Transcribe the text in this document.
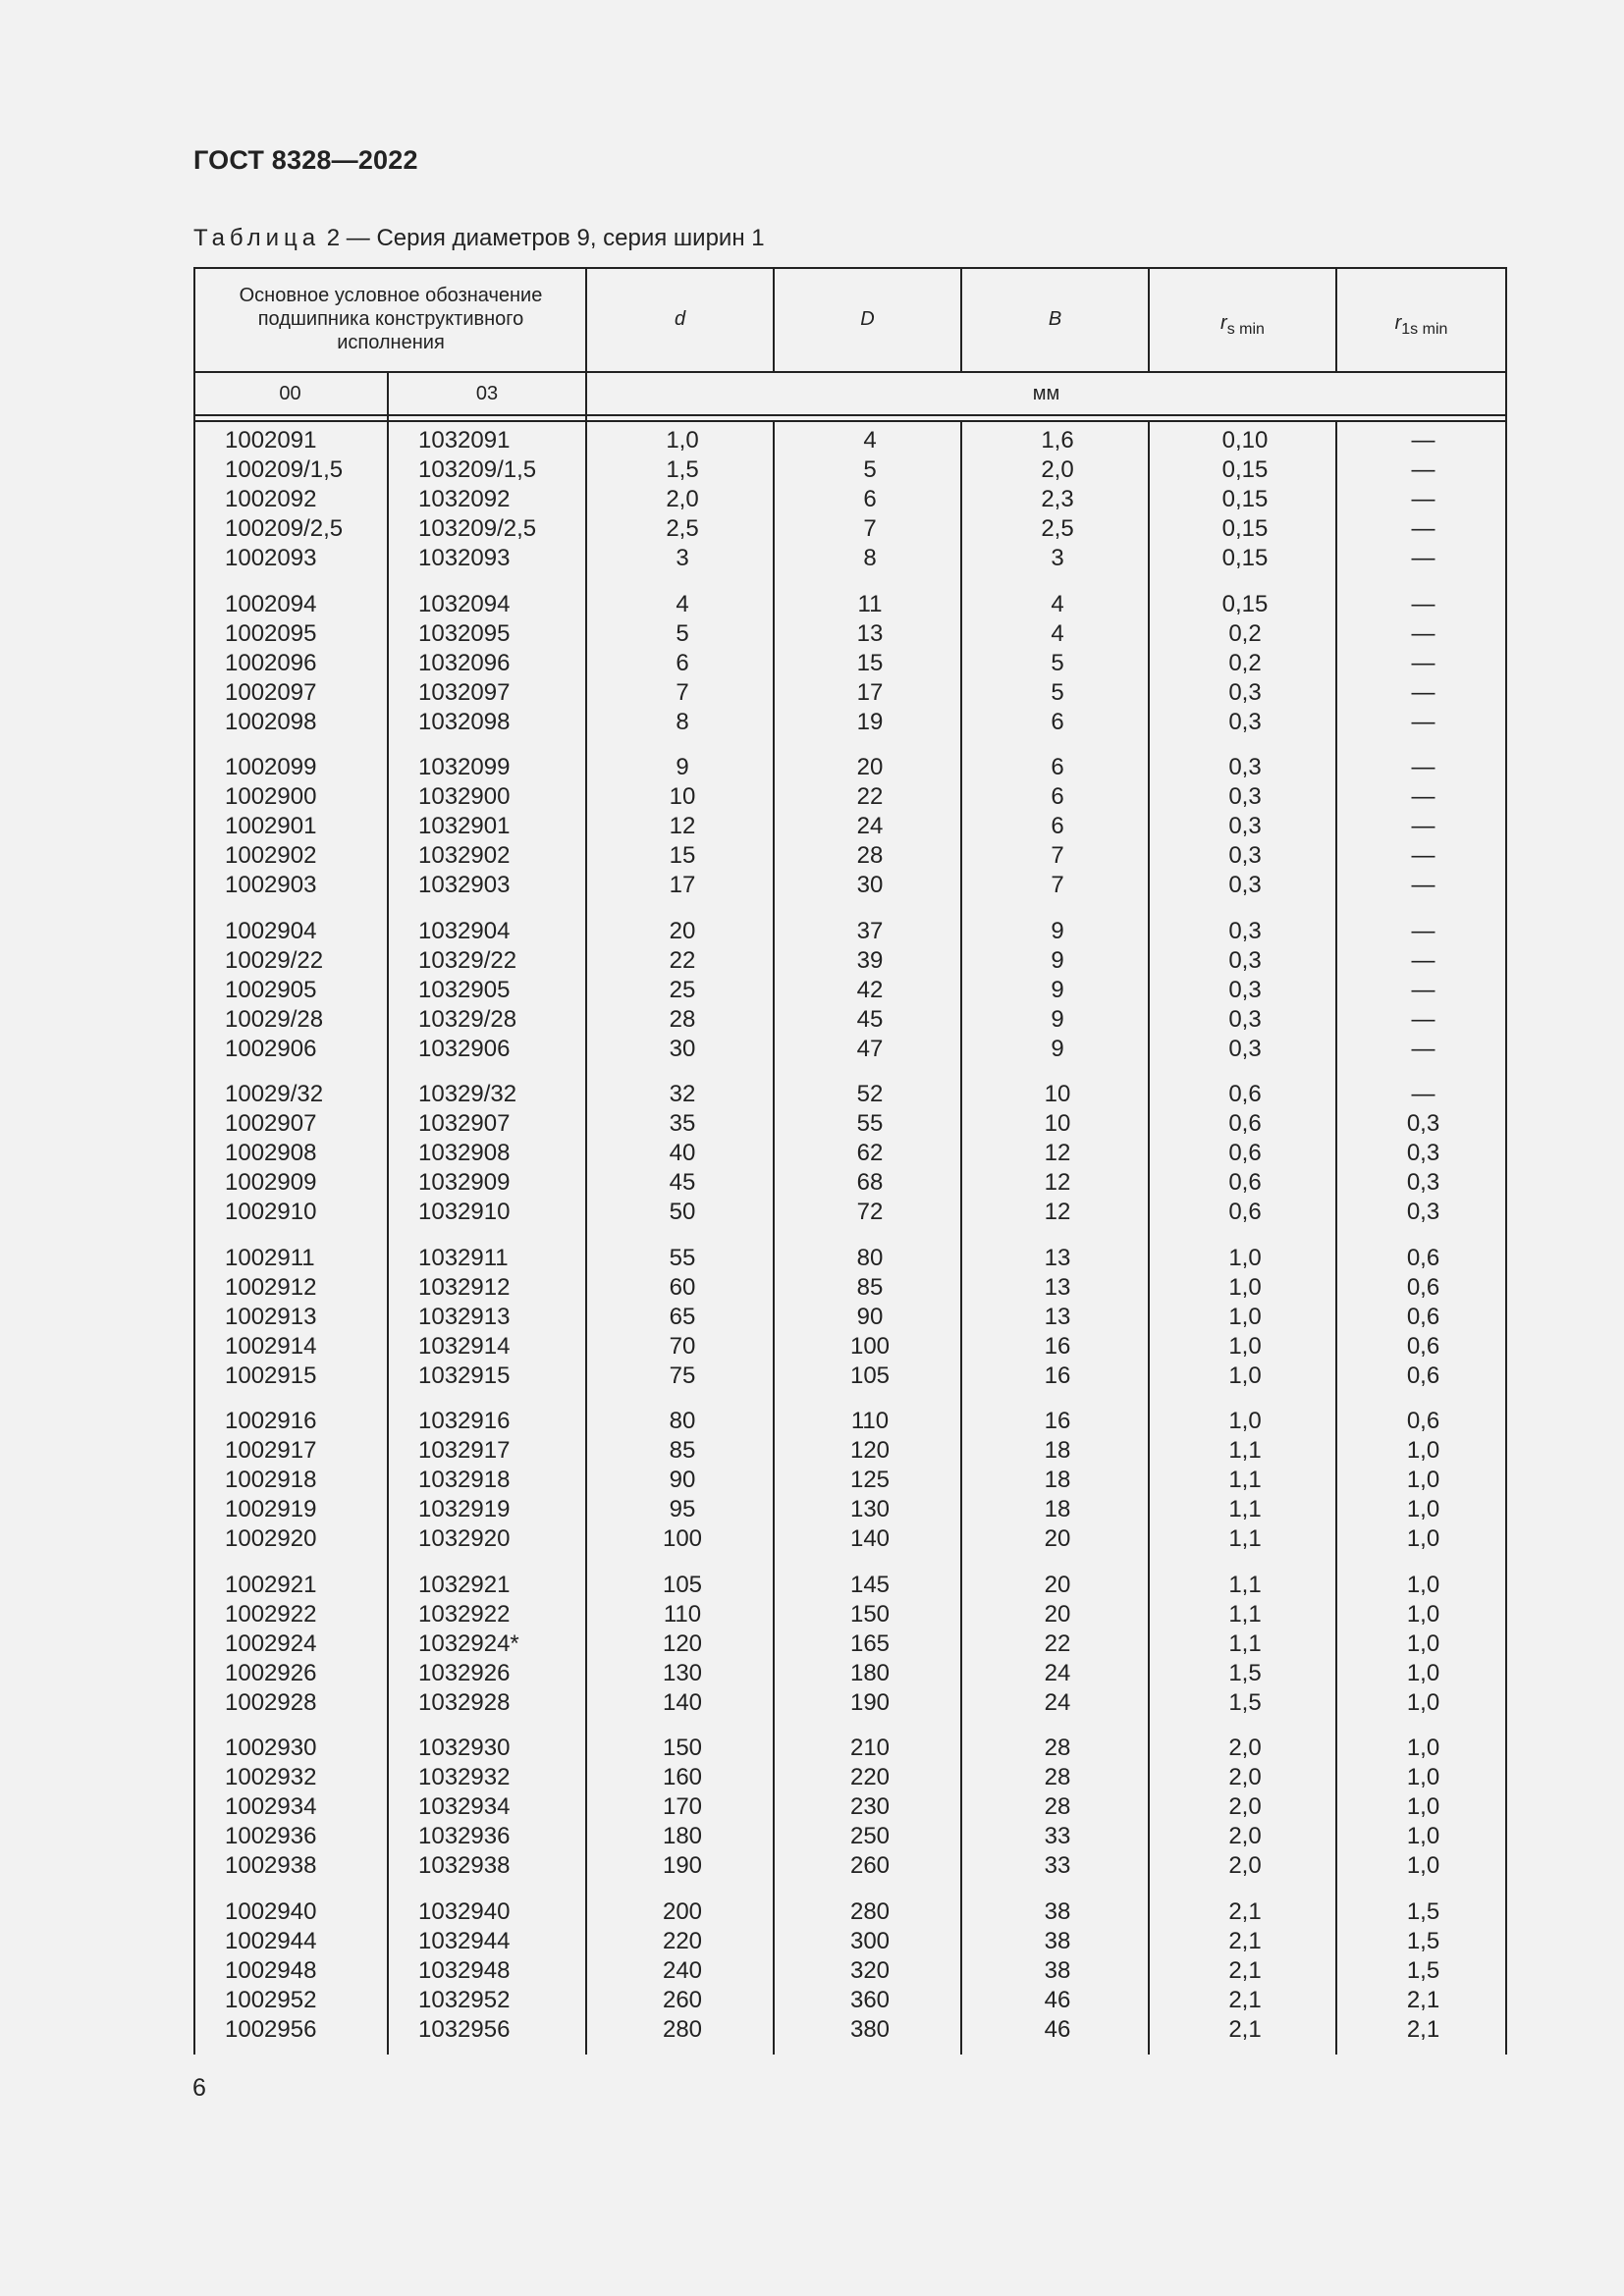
ГОСТ 8328—2022
Таблица 2 — Серия диаметров 9, серия ширин 1
Основное условное обозначение подшипника конструктивного исполнения
d	D	B	$r_{s min}$	$r_{1s min}$
00	03	мм
1002091	1032091	1,0	4	1,6	0,10	—
100209/1,5	103209/1,5	1,5	5	2,0	0,15	—
1002092	1032092	2,0	6	2,3	0,15	—
100209/2,5	103209/2,5	2,5	7	2,5	0,15	—
1002093	1032093	3	8	3	0,15	—
1002094	1032094	4	11	4	0,15	—
1002095	1032095	5	13	4	0,2	—
1002096	1032096	6	15	5	0,2	—
1002097	1032097	7	17	5	0,3	—
1002098	1032098	8	19	6	0,3	—
1002099	1032099	9	20	6	0,3	—
1002900	1032900	10	22	6	0,3	—
1002901	1032901	12	24	6	0,3	—
1002902	1032902	15	28	7	0,3	—
1002903	1032903	17	30	7	0,3	—
1002904	1032904	20	37	9	0,3	—
10029/22	10329/22	22	39	9	0,3	—
1002905	1032905	25	42	9	0,3	—
10029/28	10329/28	28	45	9	0,3	—
1002906	1032906	30	47	9	0,3	—
10029/32	10329/32	32	52	10	0,6	—
1002907	1032907	35	55	10	0,6	0,3
1002908	1032908	40	62	12	0,6	0,3
1002909	1032909	45	68	12	0,6	0,3
1002910	1032910	50	72	12	0,6	0,3
1002911	1032911	55	80	13	1,0	0,6
1002912	1032912	60	85	13	1,0	0,6
1002913	1032913	65	90	13	1,0	0,6
1002914	1032914	70	100	16	1,0	0,6
1002915	1032915	75	105	16	1,0	0,6
1002916	1032916	80	110	16	1,0	0,6
1002917	1032917	85	120	18	1,1	1,0
1002918	1032918	90	125	18	1,1	1,0
1002919	1032919	95	130	18	1,1	1,0
1002920	1032920	100	140	20	1,1	1,0
1002921	1032921	105	145	20	1,1	1,0
1002922	1032922	110	150	20	1,1	1,0
1002924	1032924*	120	165	22	1,1	1,0
1002926	1032926	130	180	24	1,5	1,0
1002928	1032928	140	190	24	1,5	1,0
1002930	1032930	150	210	28	2,0	1,0
1002932	1032932	160	220	28	2,0	1,0
1002934	1032934	170	230	28	2,0	1,0
1002936	1032936	180	250	33	2,0	1,0
1002938	1032938	190	260	33	2,0	1,0
1002940	1032940	200	280	38	2,1	1,5
1002944	1032944	220	300	38	2,1	1,5
1002948	1032948	240	320	38	2,1	1,5
1002952	1032952	260	360	46	2,1	2,1
1002956	1032956	280	380	46	2,1	2,1
6
